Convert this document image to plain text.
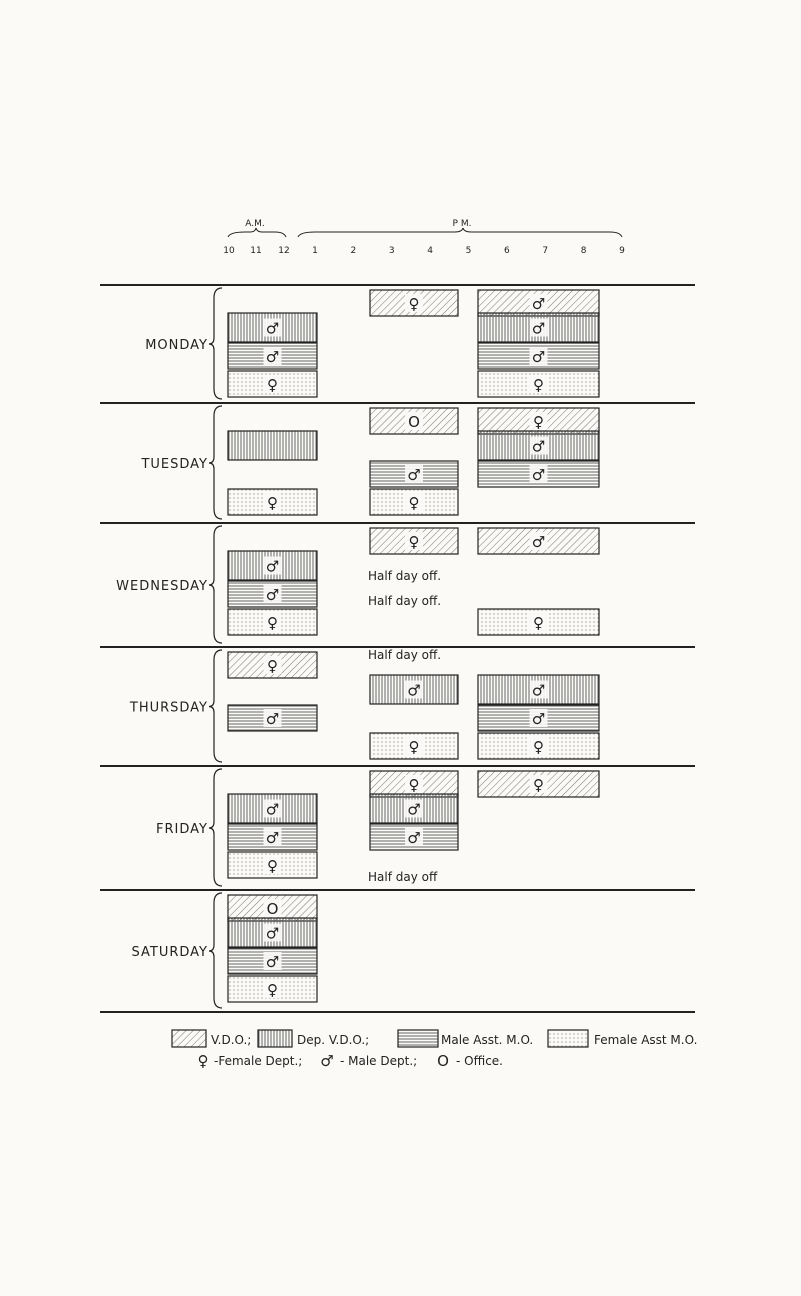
A.M.	P M.
10 11 12 1	2	3	4	5	6	7	8	9
MONDAY
♂
♂
♀
♀	♂
♂
♂
♀
TUESDAY
♀
O
♂
♀
♀
♂
♂
WEDNESDAY
♂
♂
♀
♀	♂
♀
Half day off.
Half day off.
THURSDAY
♀
♂
♂
♀
♂
♂
♀
Half day off.
FRIDAY
♂
♂
♀
♀
♂
♂
♀
Half day off
SATURDAY
O
♂
♂
♀
V.D.O.;	Dep. V.D.O.;	Male Asst. M.O.	Female Asst M.O.
♀ -Female Dept.; ♂ - Male Dept.; O - Office.
